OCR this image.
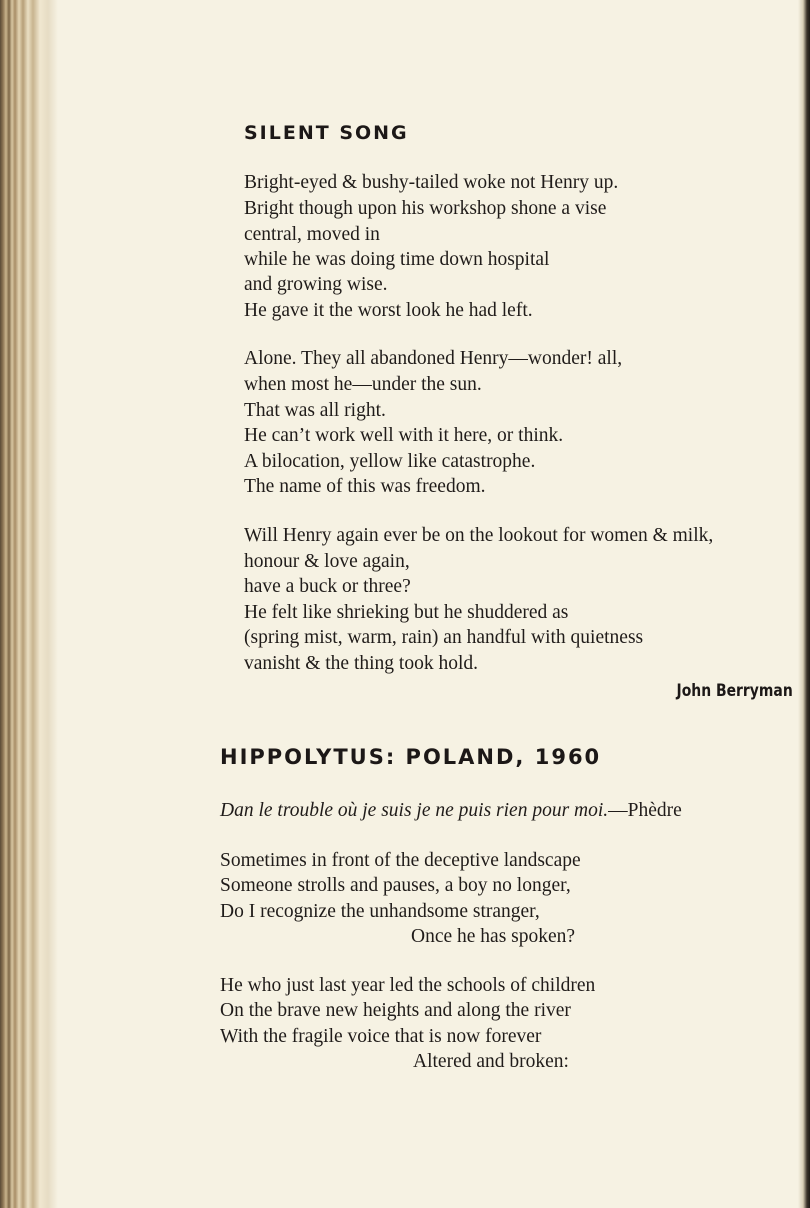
SILENT SONG
Bright-eyed & bushy-tailed woke not Henry up.
Bright though upon his workshop shone a vise
central, moved in
while he was doing time down hospital
and growing wise.
He gave it the worst look he had left.
Alone. They all abandoned Henry—wonder! all,
when most he—under the sun.
That was all right.
He can’t work well with it here, or think.
A bilocation, yellow like catastrophe.
The name of this was freedom.
Will Henry again ever be on the lookout for women & milk,
honour & love again,
have a buck or three?
He felt like shrieking but he shuddered as
(spring mist, warm, rain) an handful with quietness
vanisht & the thing took hold.
John Berryman
HIPPOLYTUS: POLAND, 1960
Dan le trouble où je suis je ne puis rien pour moi.—Phèdre
Sometimes in front of the deceptive landscape
Someone strolls and pauses, a boy no longer,
Do I recognize the unhandsome stranger,
Once he has spoken?
He who just last year led the schools of children
On the brave new heights and along the river
With the fragile voice that is now forever
Altered and broken:
